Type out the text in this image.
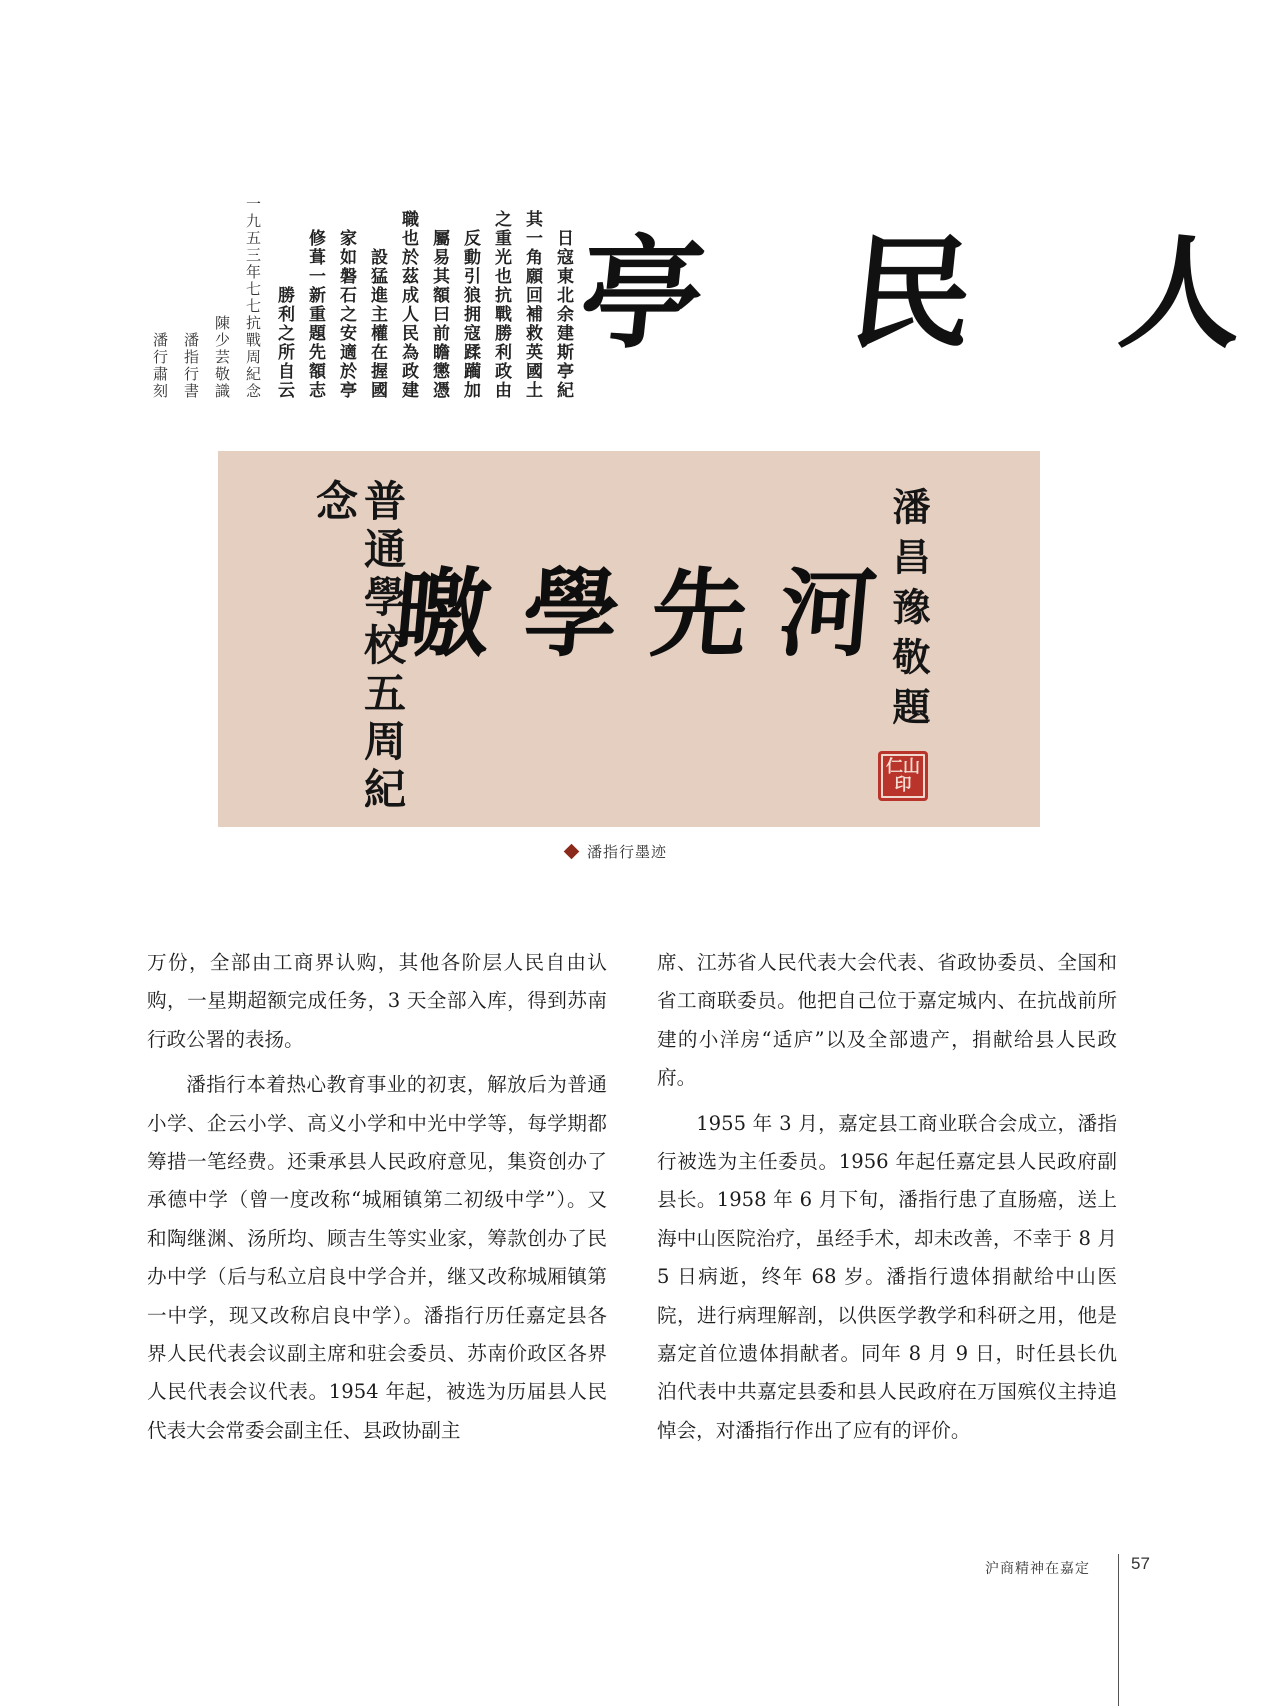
日寇東北余建斯亭紀
其一角願回補救英國土
之重光也抗戰勝利政由
反動引狼拥寇蹂躏加
屬易其額曰前瞻懲憑
職也於茲成人民為政建
設猛進主權在握國
家如磐石之安適於亭
修葺一新重題先額志
勝利之所自云
一九五三年七七抗戰周紀念
陳少芸敬識
潘指行書
潘行肅刻
亭 民 人
普通學校五周紀念
河
先
學
曒	潘昌豫敬題
仁山印
潘指行墨迹

万份，全部由工商界认购，其他各阶层人民自由认购，一星期超额完成任务，3 天全部入库，得到苏南行政公署的表扬。

潘指行本着热心教育事业的初衷，解放后为普通小学、企云小学、高义小学和中光中学等，每学期都筹措一笔经费。还秉承县人民政府意见，集资创办了承德中学（曾一度改称“城厢镇第二初级中学”）。又和陶继渊、汤所均、顾吉生等实业家，筹款创办了民办中学（后与私立启良中学合并，继又改称城厢镇第一中学，现又改称启良中学）。潘指行历任嘉定县各界人民代表会议副主席和驻会委员、苏南价政区各界人民代表会议代表。1954 年起，被选为历届县人民代表大会常委会副主任、县政协副主

席、江苏省人民代表大会代表、省政协委员、全国和省工商联委员。他把自己位于嘉定城内、在抗战前所建的小洋房“适庐”以及全部遗产，捐献给县人民政府。

1955 年 3 月，嘉定县工商业联合会成立，潘指行被选为主任委员。1956 年起任嘉定县人民政府副县长。1958 年 6 月下旬，潘指行患了直肠癌，送上海中山医院治疗，虽经手术，却未改善，不幸于 8 月 5 日病逝，终年 68 岁。潘指行遗体捐献给中山医院，进行病理解剖，以供医学教学和科研之用，他是嘉定首位遗体捐献者。同年 8 月 9 日，时任县长仇泊代表中共嘉定县委和县人民政府在万国殡仪主持追悼会，对潘指行作出了应有的评价。

沪商精神在嘉定 57
